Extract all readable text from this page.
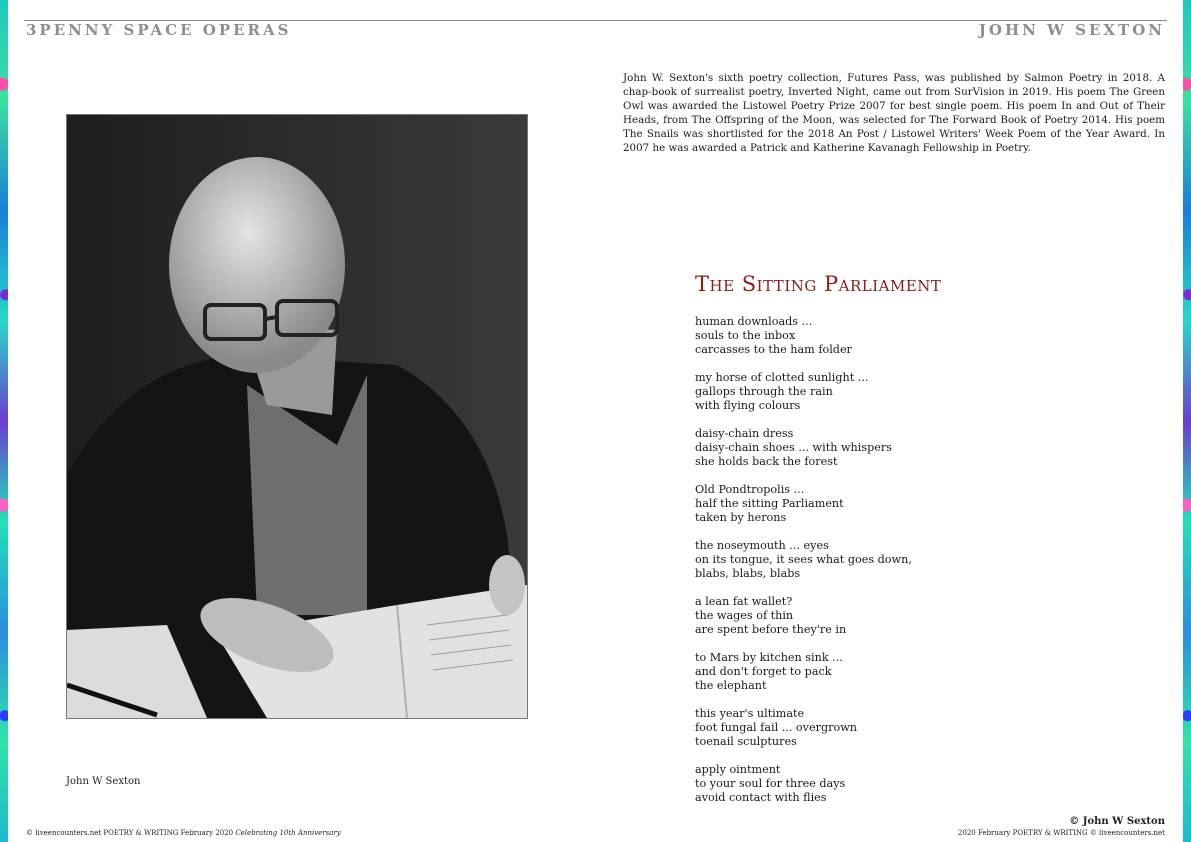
3PENNY SPACE OPERAS	JOHN W SEXTON
John W. Sexton's sixth poetry collection, Futures Pass, was published by Salmon Poetry in 2018. A chap-book of surrealist poetry, Inverted Night, came out from SurVision in 2019. His poem The Green Owl was awarded the Listowel Poetry Prize 2007 for best single poem. His poem In and Out of Their Heads, from The Offspring of the Moon, was selected for The Forward Book of Poetry 2014. His poem The Snails was shortlisted for the 2018 An Post / Listowel Writers' Week Poem of the Year Award. In 2007 he was awarded a Patrick and Katherine Kavanagh Fellowship in Poetry.
John W Sexton
The Sitting Parliament
human downloads ...
souls to the inbox
carcasses to the ham folder
my horse of clotted sunlight ...
gallops through the rain
with flying colours
daisy-chain dress
daisy-chain shoes ... with whispers
she holds back the forest
Old Pondtropolis ...
half the sitting Parliament
taken by herons
the noseymouth ... eyes
on its tongue, it sees what goes down,
blabs, blabs, blabs
a lean fat wallet?
the wages of thin
are spent before they're in
to Mars by kitchen sink ...
and don't forget to pack
the elephant
this year's ultimate
foot fungal fail ... overgrown
toenail sculptures
apply ointment
to your soul for three days
avoid contact with flies
© John W Sexton
© liveencounters.net POETRY & WRITING February 2020 Celebrating 10th Anniversary	2020 February POETRY & WRITING © liveencounters.net
